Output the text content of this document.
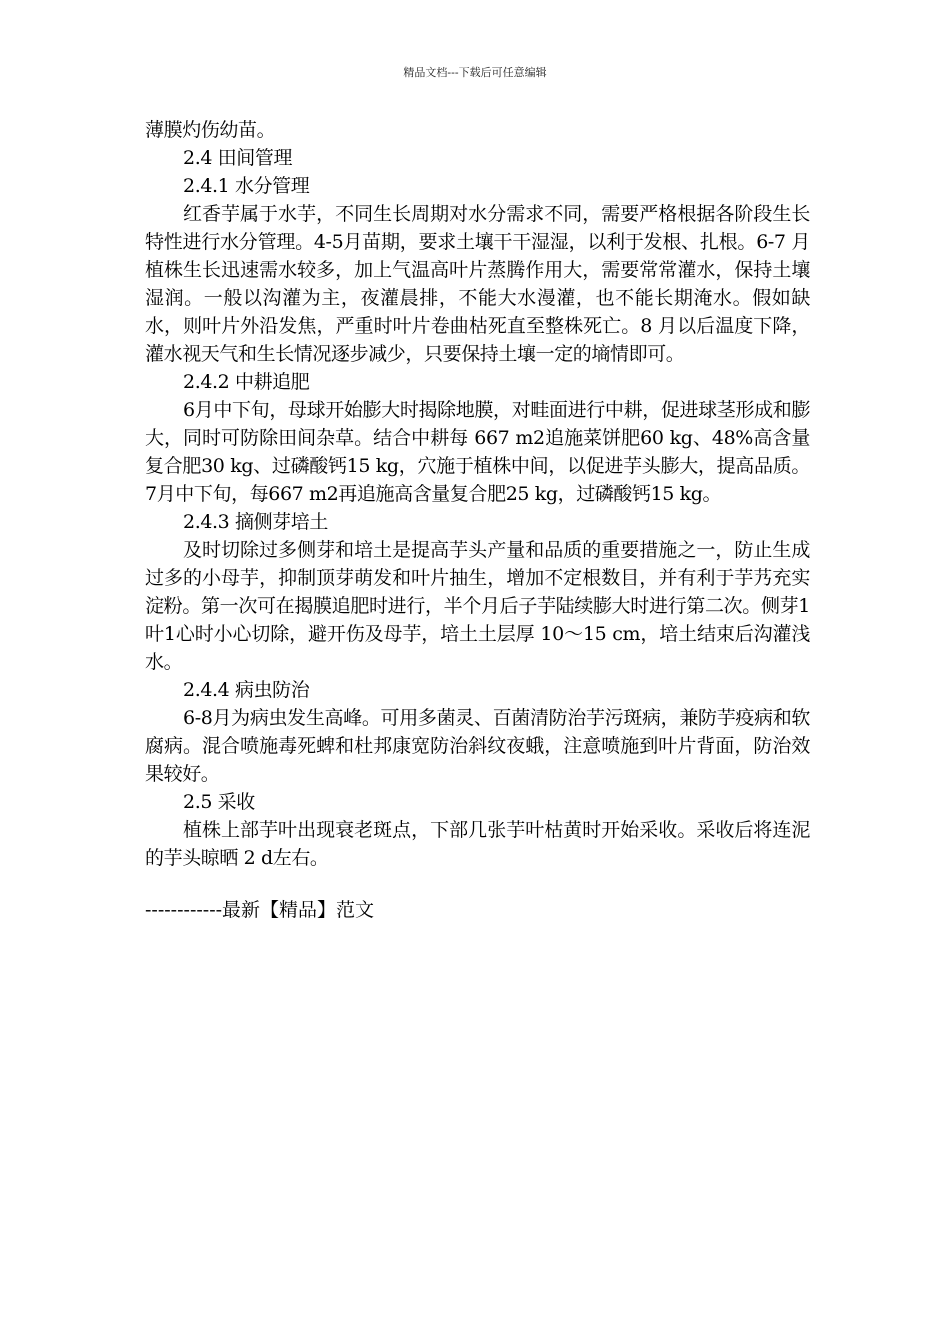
精品文档---下载后可任意编辑

薄膜灼伤幼苗。

2.4 田间管理

2.4.1 水分管理

红香芋属于水芋，不同生长周期对水分需求不同，需要严格根据各阶段生长特性进行水分管理。4-5月苗期，要求土壤干干湿湿，以利于发根、扎根。6-7 月植株生长迅速需水较多，加上气温高叶片蒸腾作用大，需要常常灌水，保持土壤湿润。一般以沟灌为主，夜灌晨排，不能大水漫灌，也不能长期淹水。假如缺水，则叶片外沿发焦，严重时叶片卷曲枯死直至整株死亡。8 月以后温度下降，灌水视天气和生长情况逐步减少，只要保持土壤一定的墒情即可。

2.4.2 中耕追肥

6月中下旬，母球开始膨大时揭除地膜，对畦面进行中耕，促进球茎形成和膨大，同时可防除田间杂草。结合中耕每 667 m2追施菜饼肥60 kg、48%高含量复合肥30 kg、过磷酸钙15 kg，穴施于植株中间，以促进芋头膨大，提高品质。7月中下旬，每667 m2再追施高含量复合肥25 kg，过磷酸钙15 kg。

2.4.3 摘侧芽培土

及时切除过多侧芽和培土是提高芋头产量和品质的重要措施之一，防止生成过多的小母芋，抑制顶芽萌发和叶片抽生，增加不定根数目，并有利于芋艿充实淀粉。第一次可在揭膜追肥时进行，半个月后子芋陆续膨大时进行第二次。侧芽1叶1心时小心切除，避开伤及母芋，培土土层厚 10～15 cm，培土结束后沟灌浅水。

2.4.4 病虫防治

6-8月为病虫发生高峰。可用多菌灵、百菌清防治芋污斑病，兼防芋疫病和软腐病。混合喷施毒死蜱和杜邦康宽防治斜纹夜蛾，注意喷施到叶片背面，防治效果较好。

2.5 采收

植株上部芋叶出现衰老斑点，下部几张芋叶枯黄时开始采收。采收后将连泥的芋头晾晒 2 d左右。

------------最新【精品】范文
